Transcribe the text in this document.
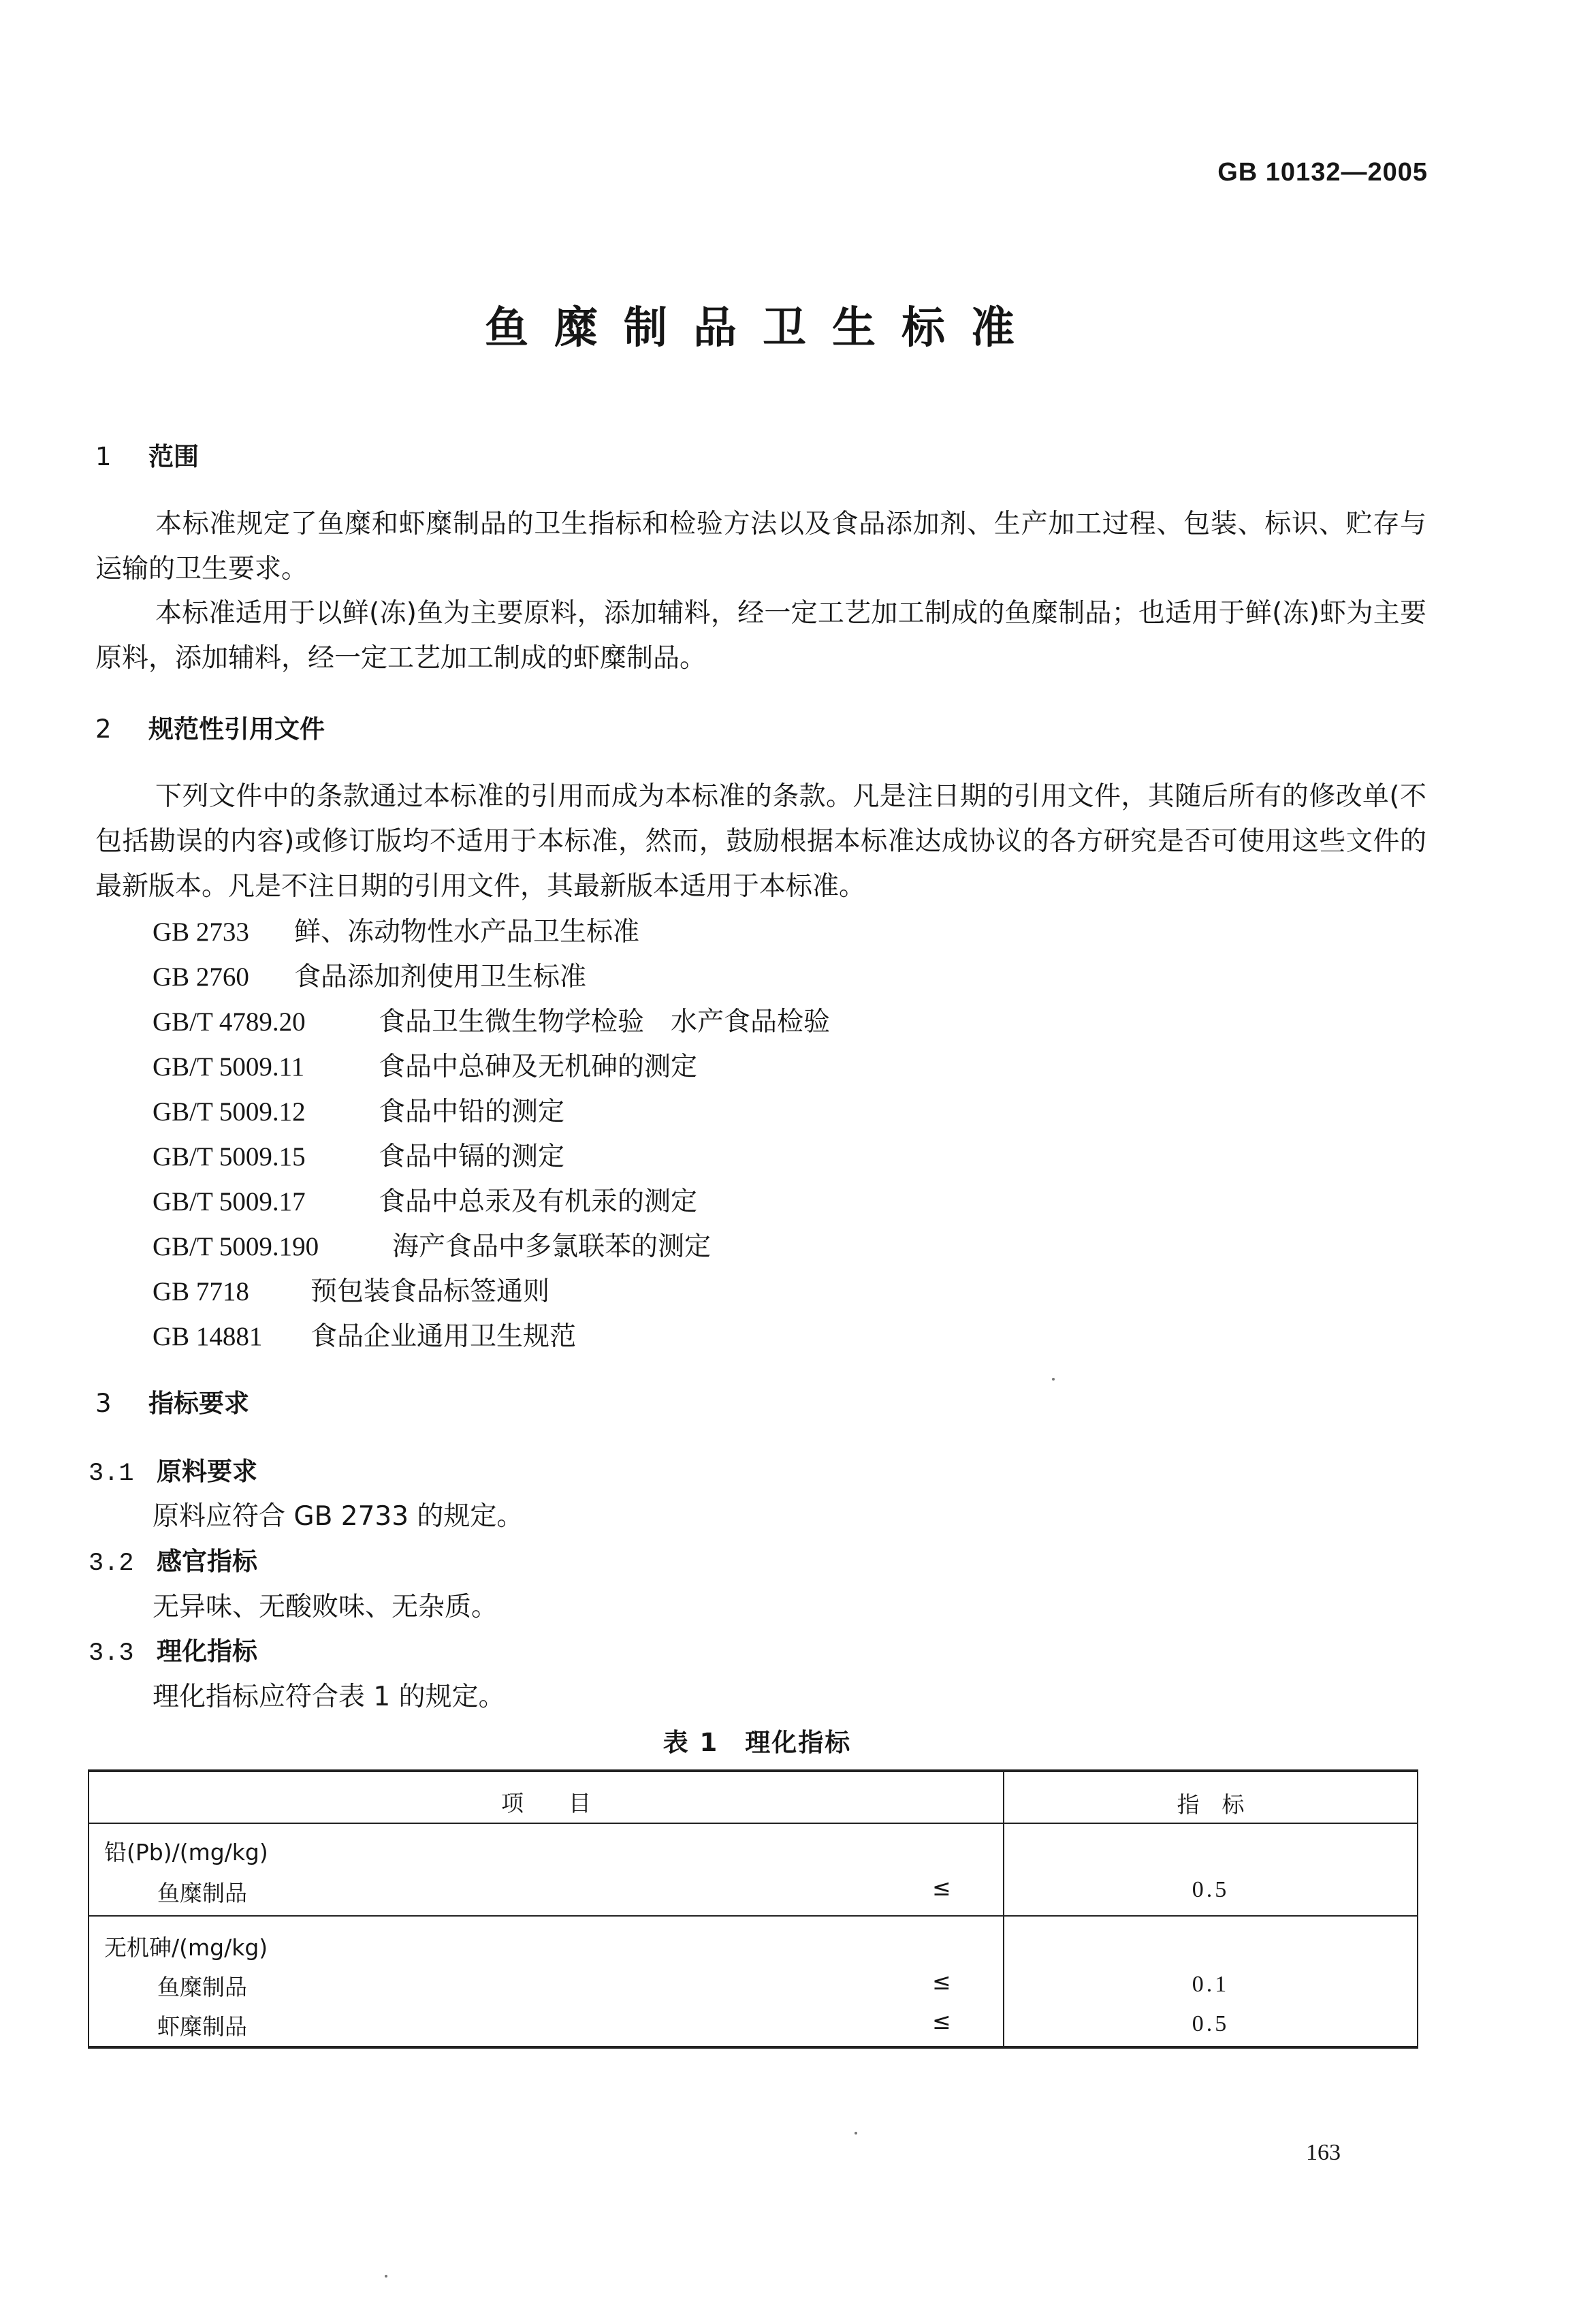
GB 10132—2005
鱼糜制品卫生标准
1 范围
本标准规定了鱼糜和虾糜制品的卫生指标和检验方法以及食品添加剂、生产加工过程、包装、标识、贮存与运输的卫生要求。
本标准适用于以鲜(冻)鱼为主要原料，添加辅料，经一定工艺加工制成的鱼糜制品；也适用于鲜(冻)虾为主要原料，添加辅料，经一定工艺加工制成的虾糜制品。
2 规范性引用文件
下列文件中的条款通过本标准的引用而成为本标准的条款。凡是注日期的引用文件，其随后所有的修改单(不包括勘误的内容)或修订版均不适用于本标准，然而，鼓励根据本标准达成协议的各方研究是否可使用这些文件的最新版本。凡是不注日期的引用文件，其最新版本适用于本标准。
GB 2733 鲜、冻动物性水产品卫生标准
GB 2760 食品添加剂使用卫生标准
GB/T 4789.20	食品卫生微生物学检验　水产食品检验
GB/T 5009.11	食品中总砷及无机砷的测定
GB/T 5009.12	食品中铅的测定
GB/T 5009.15	食品中镉的测定
GB/T 5009.17	食品中总汞及有机汞的测定
GB/T 5009.190	海产食品中多氯联苯的测定
GB 7718 预包装食品标签通则
GB 14881 食品企业通用卫生规范
3 指标要求
3.1 原料要求
原料应符合 GB 2733 的规定。
3.2 感官指标
无异味、无酸败味、无杂质。
3.3 理化指标
理化指标应符合表 1 的规定。
表 1　理化指标
项　　目	指　标
铅(Pb)/(mg/kg)
鱼糜制品	≤	0.5
无机砷/(mg/kg)
鱼糜制品	≤	0.1
虾糜制品	≤	0.5
163
